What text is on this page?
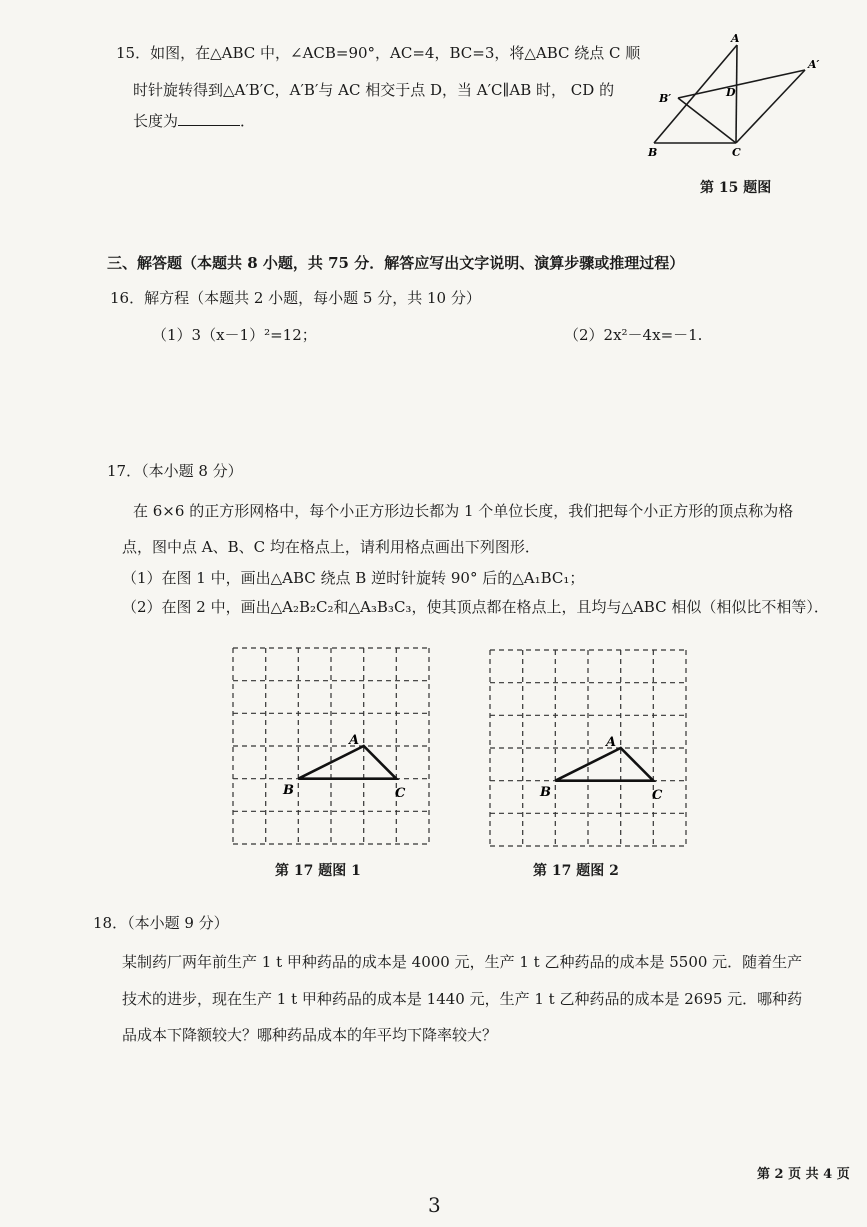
15．如图，在△ABC 中，∠ACB=90°，AC=4，BC=3，将△ABC 绕点 C 顺
时针旋转得到△A′B′C，A′B′与 AC 相交于点 D，当 A′C∥AB 时， CD 的
长度为	．
A
A′
B′	D
B	C
第 15 题图
三、解答题（本题共 8 小题，共 75 分．解答应写出文字说明、演算步骤或推理过程）
16．解方程（本题共 2 小题，每小题 5 分，共 10 分）
（1）3（x－1）²=12；	（2）2x²－4x=－1.
17．（本小题 8 分）
在 6×6 的正方形网格中，每个小正方形边长都为 1 个单位长度，我们把每个小正方形的顶点称为格
点，图中点 A、B、C 均在格点上，请利用格点画出下列图形．
（1）在图 1 中，画出△ABC 绕点 B 逆时针旋转 90° 后的△A₁BC₁；
（2）在图 2 中，画出△A₂B₂C₂和△A₃B₃C₃，使其顶点都在格点上，且均与△ABC 相似（相似比不相等）．
A
B	C
第 17 题图 1
A
B	C
第 17 题图 2
18．（本小题 9 分）
某制药厂两年前生产 1 t 甲种药品的成本是 4000 元，生产 1 t 乙种药品的成本是 5500 元．随着生产
技术的进步，现在生产 1 t 甲种药品的成本是 1440 元，生产 1 t 乙种药品的成本是 2695 元．哪种药
品成本下降额较大？哪种药品成本的年平均下降率较大？
第 2 页 共 4 页
3
